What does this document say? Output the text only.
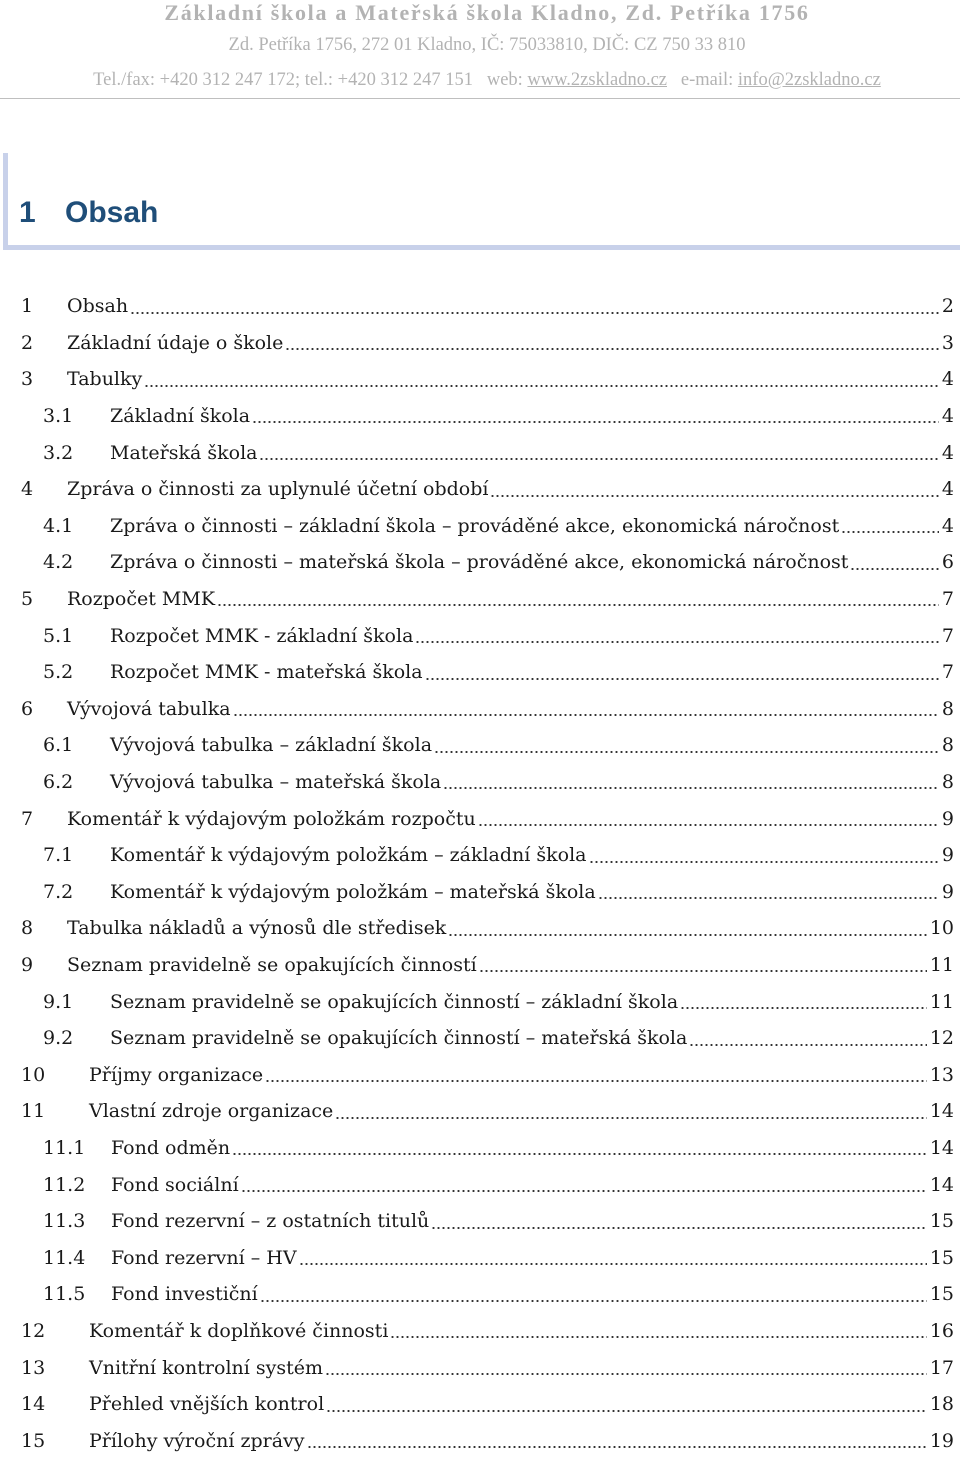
Základní škola a Mateřská škola Kladno, Zd. Petříka 1756
Zd. Petříka 1756, 272 01 Kladno, IČ: 75033810, DIČ: CZ 750 33 810
Tel./fax: +420 312 247 172; tel.: +420 312 247 151 web: www.2zskladno.cz e-mail: info@2zskladno.cz
1 Obsah
1	Obsah	2
2	Základní údaje o škole	3
3	Tabulky	4
3.1	Základní škola	4
3.2	Mateřská škola	4
4	Zpráva o činnosti za uplynulé účetní období	4
4.1	Zpráva o činnosti – základní škola – prováděné akce, ekonomická náročnost	4
4.2	Zpráva o činnosti – mateřská škola – prováděné akce, ekonomická náročnost	6
5	Rozpočet MMK	7
5.1	Rozpočet MMK - základní škola	7
5.2	Rozpočet MMK - mateřská škola	7
6	Vývojová tabulka	8
6.1	Vývojová tabulka – základní škola	8
6.2	Vývojová tabulka – mateřská škola	8
7	Komentář k výdajovým položkám rozpočtu	9
7.1	Komentář k výdajovým položkám – základní škola	9
7.2	Komentář k výdajovým položkám – mateřská škola	9
8	Tabulka nákladů a výnosů dle středisek	10
9	Seznam pravidelně se opakujících činností	11
9.1	Seznam pravidelně se opakujících činností – základní škola	11
9.2	Seznam pravidelně se opakujících činností – mateřská škola	12
10	Příjmy organizace	13
11	Vlastní zdroje organizace	14
11.1	Fond odměn	14
11.2	Fond sociální	14
11.3	Fond rezervní – z ostatních titulů	15
11.4	Fond rezervní – HV	15
11.5	Fond investiční	15
12	Komentář k doplňkové činnosti	16
13	Vnitřní kontrolní systém	17
14	Přehled vnějších kontrol	18
15	Přílohy výroční zprávy	19
